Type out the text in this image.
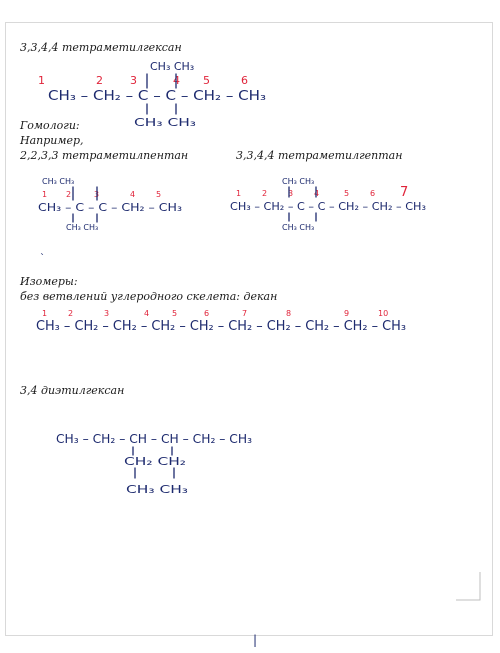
3,3,4,4 тетраметилгексан
Гомологи:
Например,
2,2,3,3 тетраметилпентан	3,3,4,4 тетраметилгептан
Изомеры:
без ветвлений углеродного скелета: декан
3,4 диэтилгексан
1	2 3	4 5	6
CH₃ CH₃
CH₃ – CH₂ – C – C – CH₂ – CH₃
CH₃ CH₃
1 2	3	4	5
CH₃ CH₃
CH₃ – C – C – CH₂ – CH₃
CH₃ CH₃
1	2	3	4	5	6 7
CH₃ CH₃
CH₃ – CH₂ – C – C – CH₂ – CH₂ – CH₃
CH₃ CH₃
`
1	2	3	4	5	6	7	8	9	10
CH₃ – CH₂ – CH₂ – CH₂ – CH₂ – CH₂ – CH₂ – CH₂ – CH₂ – CH₃
CH₃ – CH₂ – CH – CH – CH₂ – CH₃
CH₂ CH₂
CH₃ CH₃
|
